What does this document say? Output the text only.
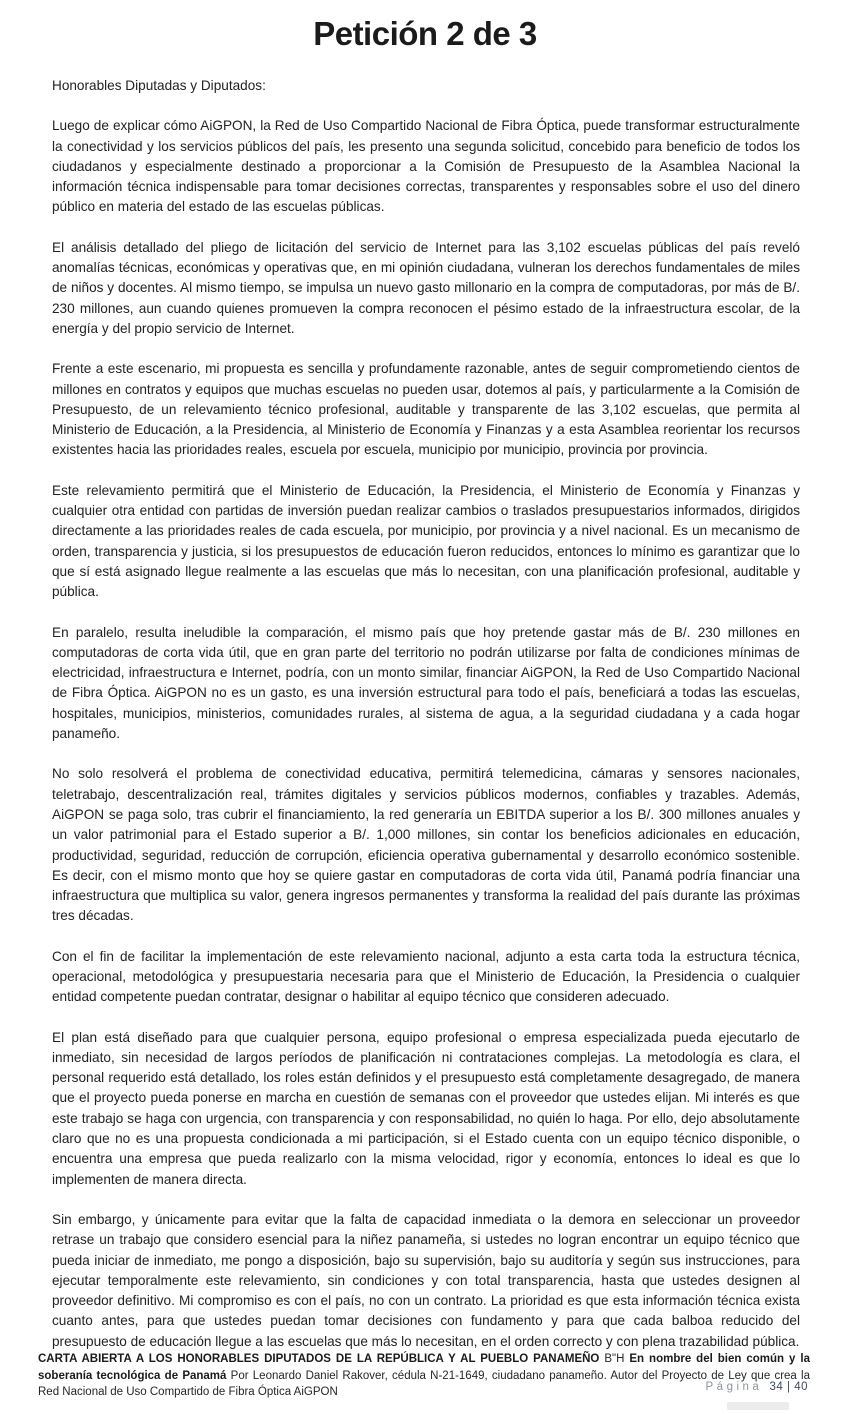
Petición 2 de 3

Honorables Diputadas y Diputados:

Luego de explicar cómo AiGPON, la Red de Uso Compartido Nacional de Fibra Óptica, puede transformar estructuralmente la conectividad y los servicios públicos del país, les presento una segunda solicitud, concebido para beneficio de todos los ciudadanos y especialmente destinado a proporcionar a la Comisión de Presupuesto de la Asamblea Nacional la información técnica indispensable para tomar decisiones correctas, transparentes y responsables sobre el uso del dinero público en materia del estado de las escuelas públicas.

El análisis detallado del pliego de licitación del servicio de Internet para las 3,102 escuelas públicas del país reveló anomalías técnicas, económicas y operativas que, en mi opinión ciudadana, vulneran los derechos fundamentales de miles de niños y docentes. Al mismo tiempo, se impulsa un nuevo gasto millonario en la compra de computadoras, por más de B/. 230 millones, aun cuando quienes promueven la compra reconocen el pésimo estado de la infraestructura escolar, de la energía y del propio servicio de Internet.

Frente a este escenario, mi propuesta es sencilla y profundamente razonable, antes de seguir comprometiendo cientos de millones en contratos y equipos que muchas escuelas no pueden usar, dotemos al país, y particularmente a la Comisión de Presupuesto, de un relevamiento técnico profesional, auditable y transparente de las 3,102 escuelas, que permita al Ministerio de Educación, a la Presidencia, al Ministerio de Economía y Finanzas y a esta Asamblea reorientar los recursos existentes hacia las prioridades reales, escuela por escuela, municipio por municipio, provincia por provincia.

Este relevamiento permitirá que el Ministerio de Educación, la Presidencia, el Ministerio de Economía y Finanzas y cualquier otra entidad con partidas de inversión puedan realizar cambios o traslados presupuestarios informados, dirigidos directamente a las prioridades reales de cada escuela, por municipio, por provincia y a nivel nacional. Es un mecanismo de orden, transparencia y justicia, si los presupuestos de educación fueron reducidos, entonces lo mínimo es garantizar que lo que sí está asignado llegue realmente a las escuelas que más lo necesitan, con una planificación profesional, auditable y pública.

En paralelo, resulta ineludible la comparación, el mismo país que hoy pretende gastar más de B/. 230 millones en computadoras de corta vida útil, que en gran parte del territorio no podrán utilizarse por falta de condiciones mínimas de electricidad, infraestructura e Internet, podría, con un monto similar, financiar AiGPON, la Red de Uso Compartido Nacional de Fibra Óptica. AiGPON no es un gasto, es una inversión estructural para todo el país, beneficiará a todas las escuelas, hospitales, municipios, ministerios, comunidades rurales, al sistema de agua, a la seguridad ciudadana y a cada hogar panameño.

No solo resolverá el problema de conectividad educativa, permitirá telemedicina, cámaras y sensores nacionales, teletrabajo, descentralización real, trámites digitales y servicios públicos modernos, confiables y trazables. Además, AiGPON se paga solo, tras cubrir el financiamiento, la red generaría un EBITDA superior a los B/. 300 millones anuales y un valor patrimonial para el Estado superior a B/. 1,000 millones, sin contar los beneficios adicionales en educación, productividad, seguridad, reducción de corrupción, eficiencia operativa gubernamental y desarrollo económico sostenible. Es decir, con el mismo monto que hoy se quiere gastar en computadoras de corta vida útil, Panamá podría financiar una infraestructura que multiplica su valor, genera ingresos permanentes y transforma la realidad del país durante las próximas tres décadas.

Con el fin de facilitar la implementación de este relevamiento nacional, adjunto a esta carta toda la estructura técnica, operacional, metodológica y presupuestaria necesaria para que el Ministerio de Educación, la Presidencia o cualquier entidad competente puedan contratar, designar o habilitar al equipo técnico que consideren adecuado.

El plan está diseñado para que cualquier persona, equipo profesional o empresa especializada pueda ejecutarlo de inmediato, sin necesidad de largos períodos de planificación ni contrataciones complejas. La metodología es clara, el personal requerido está detallado, los roles están definidos y el presupuesto está completamente desagregado, de manera que el proyecto pueda ponerse en marcha en cuestión de semanas con el proveedor que ustedes elijan. Mi interés es que este trabajo se haga con urgencia, con transparencia y con responsabilidad, no quién lo haga. Por ello, dejo absolutamente claro que no es una propuesta condicionada a mi participación, si el Estado cuenta con un equipo técnico disponible, o encuentra una empresa que pueda realizarlo con la misma velocidad, rigor y economía, entonces lo ideal es que lo implementen de manera directa.

Sin embargo, y únicamente para evitar que la falta de capacidad inmediata o la demora en seleccionar un proveedor retrase un trabajo que considero esencial para la niñez panameña, si ustedes no logran encontrar un equipo técnico que pueda iniciar de inmediato, me pongo a disposición, bajo su supervisión, bajo su auditoría y según sus instrucciones, para ejecutar temporalmente este relevamiento, sin condiciones y con total transparencia, hasta que ustedes designen al proveedor definitivo. Mi compromiso es con el país, no con un contrato. La prioridad es que esta información técnica exista cuanto antes, para que ustedes puedan tomar decisiones con fundamento y para que cada balboa reducido del presupuesto de educación llegue a las escuelas que más lo necesitan, en el orden correcto y con plena trazabilidad pública.

CARTA ABIERTA A LOS HONORABLES DIPUTADOS DE LA REPÚBLICA Y AL PUEBLO PANAMEÑO B"H En nombre del bien común y la soberanía tecnológica de Panamá Por Leonardo Daniel Rakover, cédula N-21-1649, ciudadano panameño. Autor del Proyecto de Ley que crea la Red Nacional de Uso Compartido de Fibra Óptica AiGPON	Página 34 | 40
